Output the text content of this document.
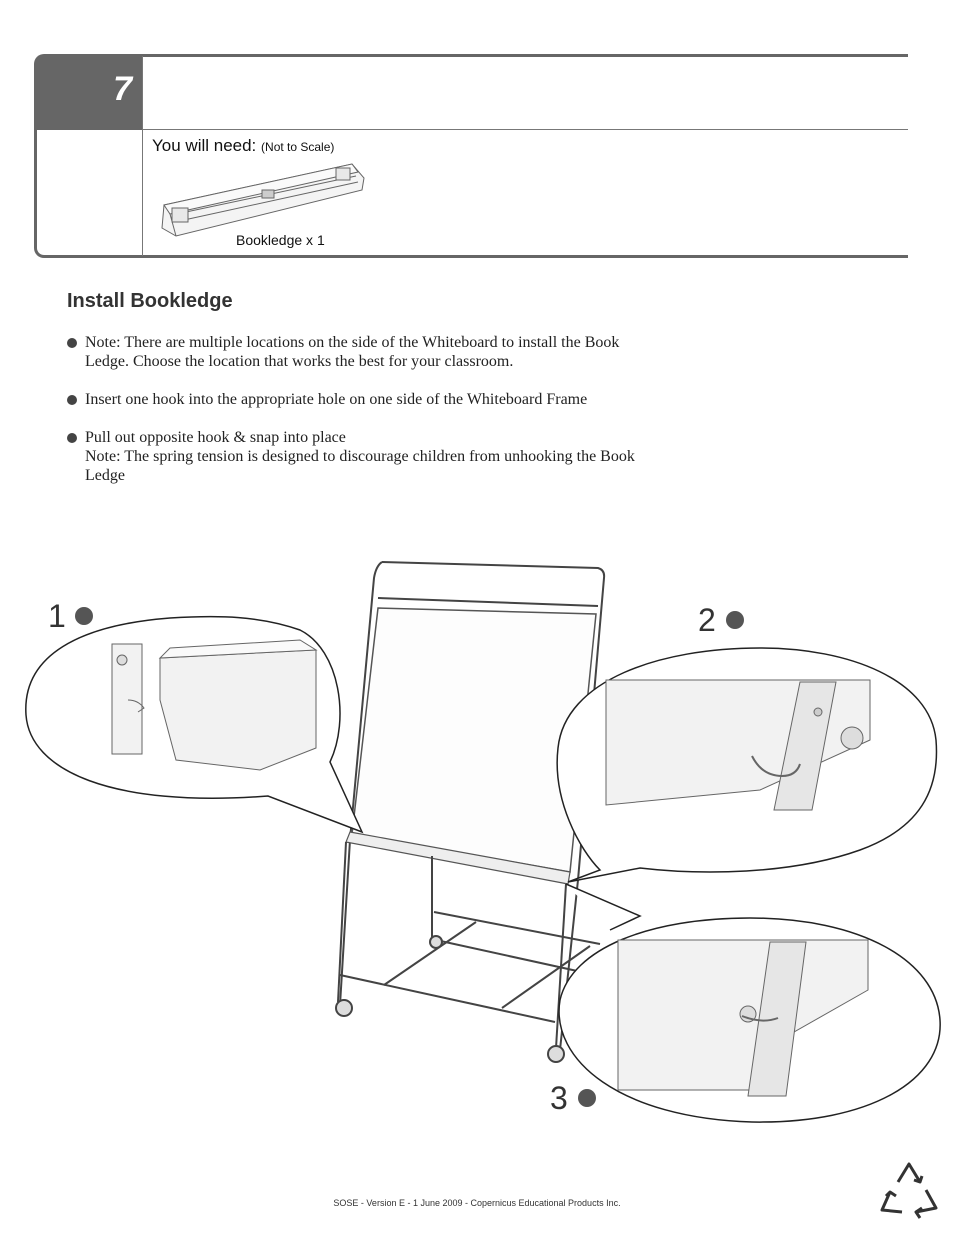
7
You will need: (Not to Scale)
Bookledge x 1
Install Bookledge
Note: There are multiple locations on the side of the Whiteboard to install the Book
Ledge. Choose the location that works the best for your classroom.
Insert one hook into the appropriate hole on one side of the Whiteboard Frame
Pull out opposite hook & snap into place
Note: The spring tension is designed to discourage children from unhooking the Book
Ledge
1	2
3
SOSE - Version E - 1 June 2009 - Copernicus Educational Products Inc.
